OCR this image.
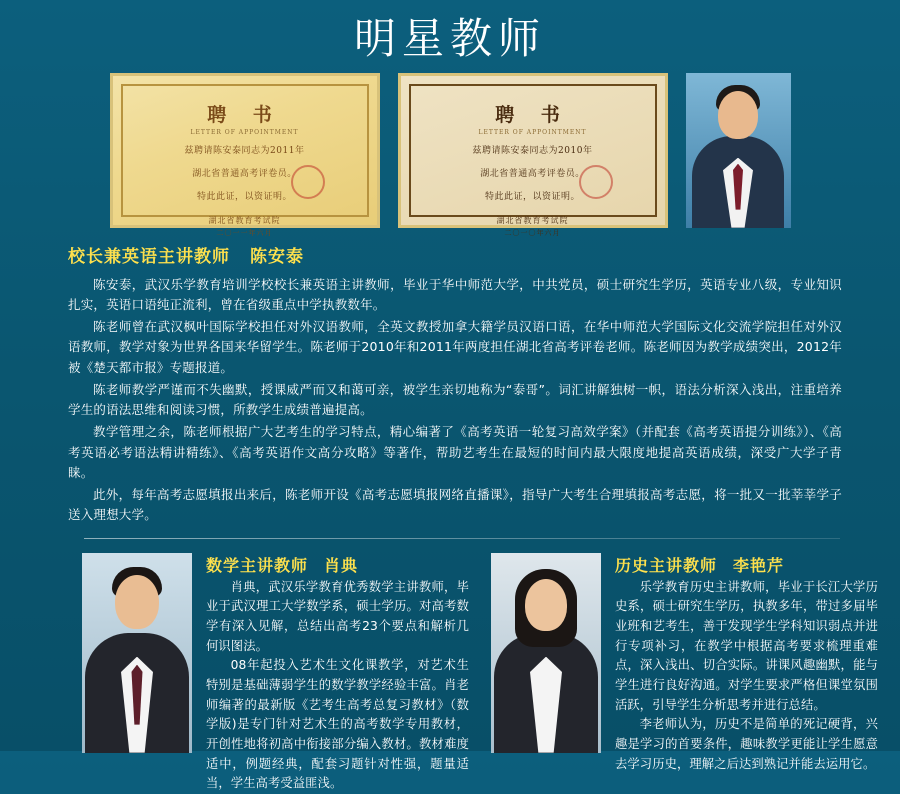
明星教师
聘 书
LETTER OF APPOINTMENT
兹聘请陈安泰同志为2011年
湖北省普通高考评卷员。
特此此证，以资证明。
湖北省教育考试院
二〇一一年六月
聘 书
LETTER OF APPOINTMENT
兹聘请陈安泰同志为2010年
湖北省普通高考评卷员。
特此此证，以资证明。
湖北省教育考试院
二〇一〇年六月
校长兼英语主讲教师 陈安泰

陈安泰，武汉乐学教育培训学校校长兼英语主讲教师，毕业于华中师范大学，中共党员，硕士研究生学历，英语专业八级，专业知识扎实，英语口语纯正流利，曾在省级重点中学执教数年。

陈老师曾在武汉枫叶国际学校担任对外汉语教师，全英文教授加拿大籍学员汉语口语，在华中师范大学国际文化交流学院担任对外汉语教师，教学对象为世界各国来华留学生。陈老师于2010年和2011年两度担任湖北省高考评卷老师。陈老师因为教学成绩突出，2012年被《楚天都市报》专题报道。

陈老师教学严谨而不失幽默，授课威严而又和蔼可亲，被学生亲切地称为“泰哥”。词汇讲解独树一帜，语法分析深入浅出，注重培养学生的语法思维和阅读习惯，所教学生成绩普遍提高。

教学管理之余，陈老师根据广大艺考生的学习特点，精心编著了《高考英语一轮复习高效学案》（并配套《高考英语提分训练》）、《高考英语必考语法精讲精练》、《高考英语作文高分攻略》等著作，帮助艺考生在最短的时间内最大限度地提高英语成绩，深受广大学子青睐。

此外，每年高考志愿填报出来后，陈老师开设《高考志愿填报网络直播课》，指导广大考生合理填报高考志愿，将一批又一批莘莘学子送入理想大学。

数学主讲教师 肖典

肖典，武汉乐学教育优秀数学主讲教师，毕业于武汉理工大学数学系，硕士学历。对高考数学有深入见解，总结出高考23个要点和解析几何识图法。

08年起投入艺术生文化课教学，对艺术生特别是基础薄弱学生的数学教学经验丰富。肖老师编著的最新版《艺考生高考总复习教材》（数学版)是专门针对艺术生的高考数学专用教材，开创性地将初高中衔接部分编入教材。教材难度适中，例题经典，配套习题针对性强，题量适当，学生高考受益匪浅。

历史主讲教师 李艳芹

乐学教育历史主讲教师，毕业于长江大学历史系，硕士研究生学历，执教多年，带过多届毕业班和艺考生，善于发现学生学科知识弱点并进行专项补习，在教学中根据高考要求梳理重难点，深入浅出、切合实际。讲课风趣幽默，能与学生进行良好沟通。对学生要求严格但课堂氛围活跃，引导学生分析思考并进行总结。

李老师认为，历史不是简单的死记硬背，兴趣是学习的首要条件，趣味教学更能让学生愿意去学习历史，理解之后达到熟记并能去运用它。
